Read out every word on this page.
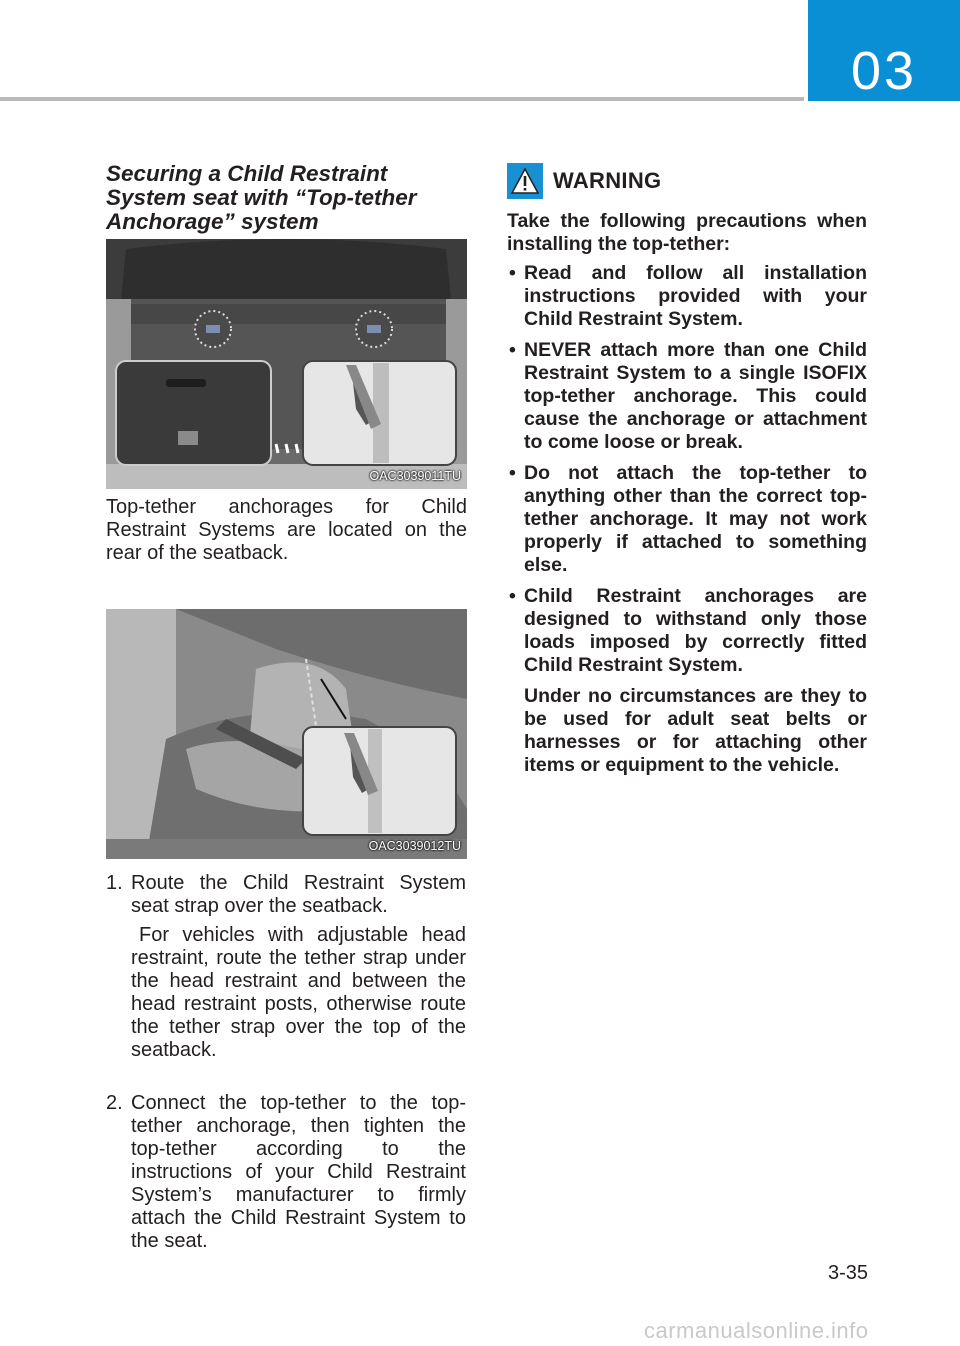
03
Securing a Child Restraint System seat with “Top-tether Anchorage” system
OAC3039011TU

Top-tether anchorages for Child Restraint Systems are located on the rear of the seatback.

OAC3039012TU
1. Route the Child Restraint System seat strap over the seatback.

For vehicles with adjustable head restraint, route the tether strap under the head restraint and between the head restraint posts, otherwise route the tether strap over the top of the seatback.

2. Connect the top-tether to the top-tether anchorage, then tighten the top-tether according to the instructions of your Child Restraint System’s manufacturer to firmly attach the Child Restraint System to the seat.

WARNING

Take the following precautions when installing the top-tether:

• Read and follow all installation instructions provided with your Child Restraint System.
• NEVER attach more than one Child Restraint System to a single ISOFIX top-tether anchorage. This could cause the anchorage or attachment to come loose or break.
• Do not attach the top-tether to anything other than the correct top-tether anchorage. It may not work properly if attached to something else.
• Child Restraint anchorages are designed to withstand only those loads imposed by correctly fitted Child Restraint System.

Under no circumstances are they to be used for adult seat belts or harnesses or for attaching other items or equipment to the vehicle.

3-35
carmanualsonline.info
